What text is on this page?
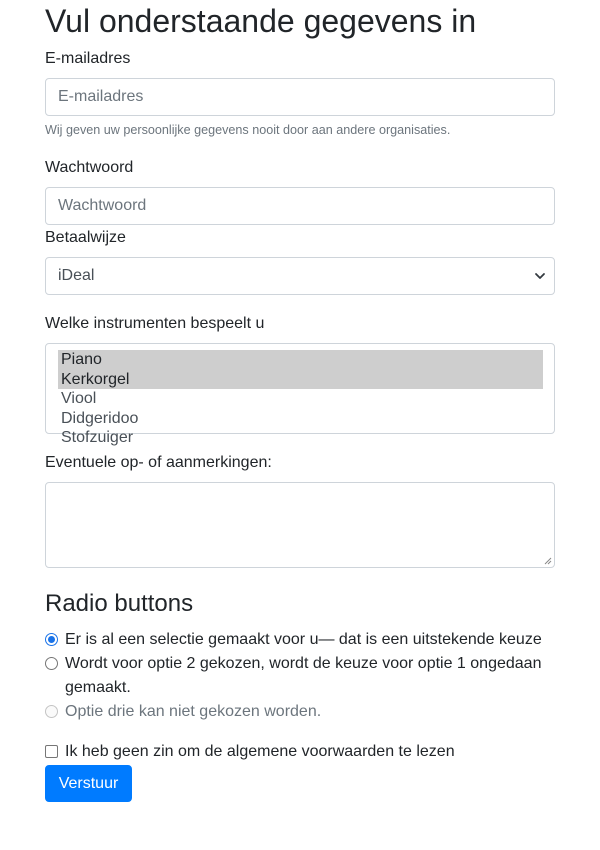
Vul onderstaande gegevens in
E-mailadres
E-mailadres
Wij geven uw persoonlijke gegevens nooit door aan andere organisaties.
Wachtwoord
Betaalwijze
iDeal
Welke instrumenten bespeelt u
Piano
Kerkorgel
Viool
Didgeridoo
Stofzuiger
Eventuele op- of aanmerkingen:
Radio buttons
Er is al een selectie gemaakt voor u— dat is een uitstekende keuze
Wordt voor optie 2 gekozen, wordt de keuze voor optie 1 ongedaan gemaakt.
Optie drie kan niet gekozen worden.
Ik heb geen zin om de algemene voorwaarden te lezen
Verstuur
